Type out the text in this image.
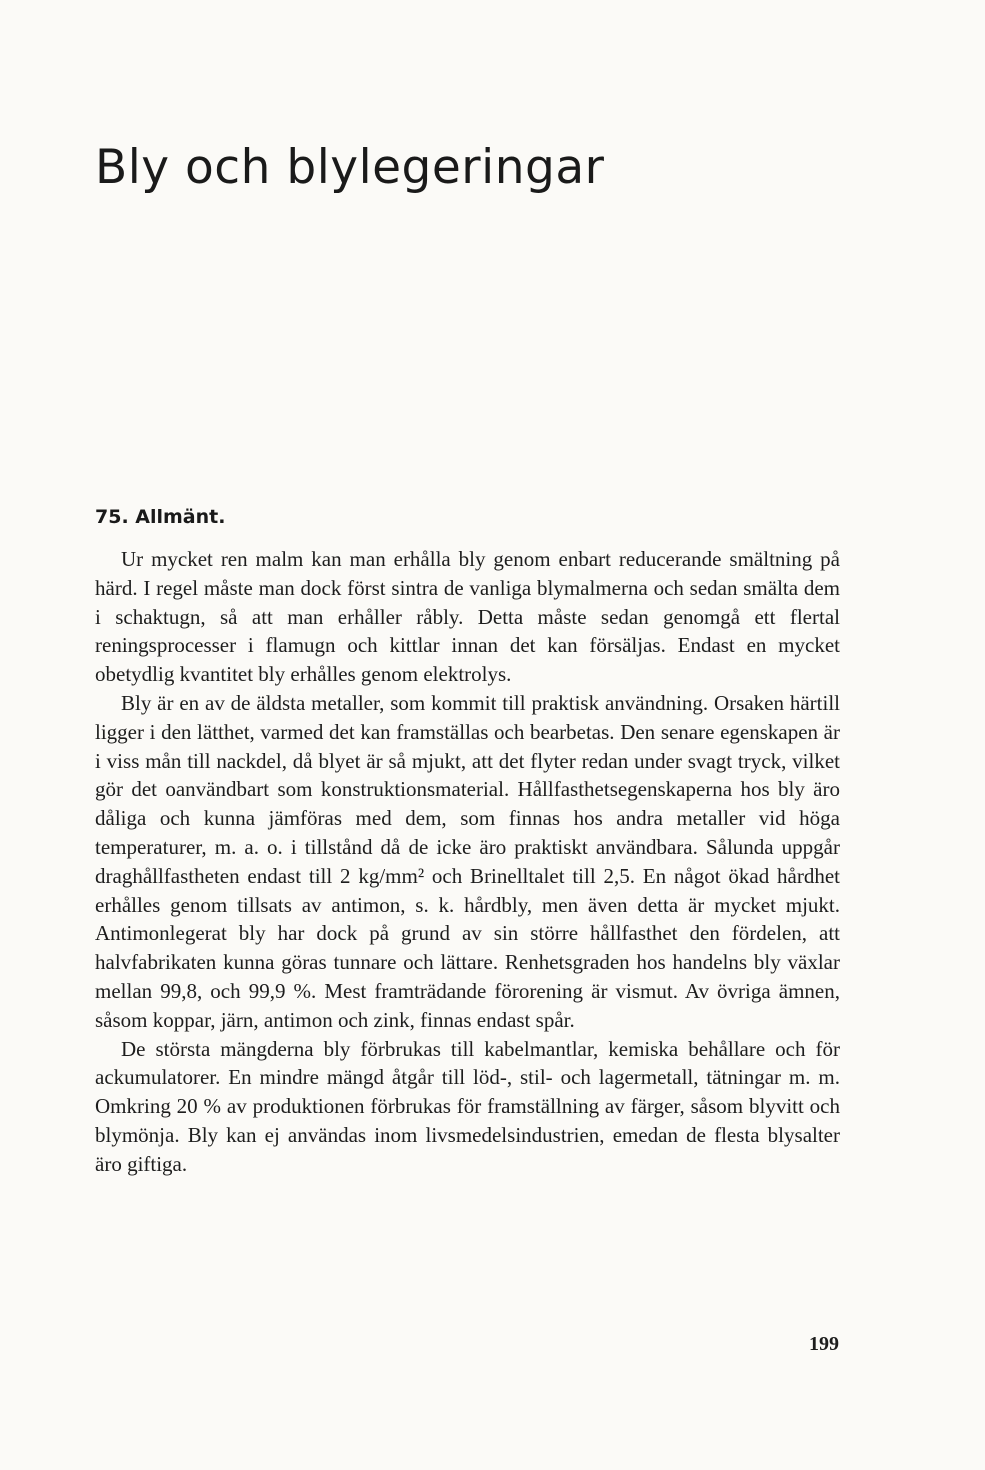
Bly och blylegeringar
75. Allmänt.

Ur mycket ren malm kan man erhålla bly genom enbart reducerande smältning på härd. I regel måste man dock först sintra de vanliga blymalmerna och sedan smälta dem i schaktugn, så att man erhåller råbly. Detta måste sedan genomgå ett flertal reningsprocesser i flamugn och kittlar innan det kan försäljas. Endast en mycket obetydlig kvantitet bly erhålles genom elektrolys.

Bly är en av de äldsta metaller, som kommit till praktisk användning. Orsaken härtill ligger i den lätthet, varmed det kan framställas och bearbetas. Den senare egenskapen är i viss mån till nackdel, då blyet är så mjukt, att det flyter redan under svagt tryck, vilket gör det oanvändbart som konstruktionsmaterial. Hållfasthetsegenskaperna hos bly äro dåliga och kunna jämföras med dem, som finnas hos andra metaller vid höga temperaturer, m. a. o. i tillstånd då de icke äro praktiskt användbara. Sålunda uppgår draghållfastheten endast till 2 kg/mm² och Brinelltalet till 2,5. En något ökad hårdhet erhålles genom tillsats av antimon, s. k. hårdbly, men även detta är mycket mjukt. Antimonlegerat bly har dock på grund av sin större hållfasthet den fördelen, att halvfabrikaten kunna göras tunnare och lättare. Renhetsgraden hos handelns bly växlar mellan 99,8, och 99,9 %. Mest framträdande förorening är vismut. Av övriga ämnen, såsom koppar, järn, antimon och zink, finnas endast spår.

De största mängderna bly förbrukas till kabelmantlar, kemiska behållare och för ackumulatorer. En mindre mängd åtgår till löd-, stil- och lagermetall, tätningar m. m. Omkring 20 % av produktionen förbrukas för framställning av färger, såsom blyvitt och blymönja. Bly kan ej användas inom livsmedelsindustrien, emedan de flesta blysalter äro giftiga.

199
